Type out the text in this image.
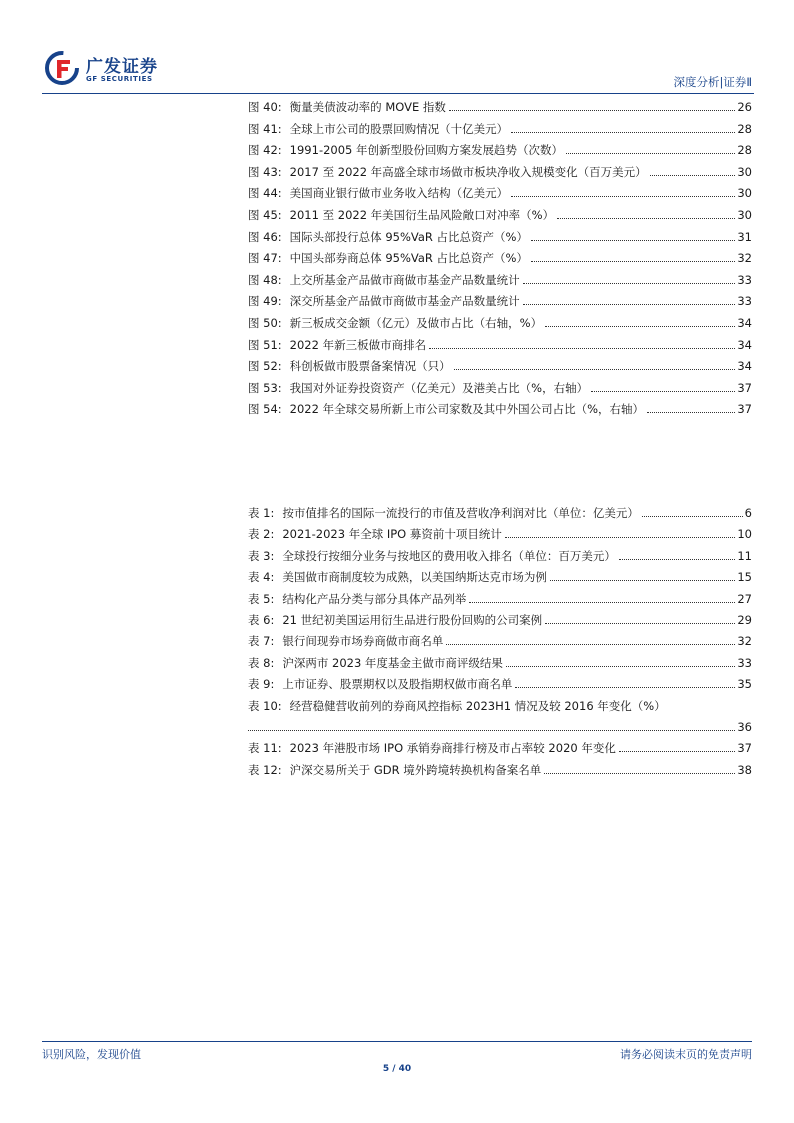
广发证券
GF SECURITIES	深度分析|证券Ⅱ
图 40: 衡量美债波动率的 MOVE 指数	26
图 41: 全球上市公司的股票回购情况（十亿美元）	28
图 42: 1991-2005 年创新型股份回购方案发展趋势（次数）	28
图 43: 2017 至 2022 年高盛全球市场做市板块净收入规模变化（百万美元）	30
图 44: 美国商业银行做市业务收入结构（亿美元）	30
图 45: 2011 至 2022 年美国衍生品风险敞口对冲率（%）	30
图 46: 国际头部投行总体 95%VaR 占比总资产（%）	31
图 47: 中国头部券商总体 95%VaR 占比总资产（%）	32
图 48: 上交所基金产品做市商做市基金产品数量统计	33
图 49: 深交所基金产品做市商做市基金产品数量统计	33
图 50: 新三板成交金额（亿元）及做市占比（右轴，%）	34
图 51: 2022 年新三板做市商排名	34
图 52: 科创板做市股票备案情况（只）	34
图 53: 我国对外证券投资资产（亿美元）及港美占比（%，右轴）	37
图 54: 2022 年全球交易所新上市公司家数及其中外国公司占比（%，右轴）	37
表 1: 按市值排名的国际一流投行的市值及营收净利润对比（单位：亿美元）	6
表 2: 2021-2023 年全球 IPO 募资前十项目统计	10
表 3: 全球投行按细分业务与按地区的费用收入排名（单位：百万美元）	11
表 4: 美国做市商制度较为成熟，以美国纳斯达克市场为例	15
表 5: 结构化产品分类与部分具体产品列举	27
表 6: 21 世纪初美国运用衍生品进行股份回购的公司案例	29
表 7: 银行间现券市场券商做市商名单	32
表 8: 沪深两市 2023 年度基金主做市商评级结果	33
表 9: 上市证券、股票期权以及股指期权做市商名单	35
表 10: 经营稳健营收前列的券商风控指标 2023H1 情况及较 2016 年变化（%）
36
表 11: 2023 年港股市场 IPO 承销券商排行榜及市占率较 2020 年变化	37
表 12: 沪深交易所关于 GDR 境外跨境转换机构备案名单	38
识别风险，发现价值	请务必阅读末页的免责声明
5 / 40
